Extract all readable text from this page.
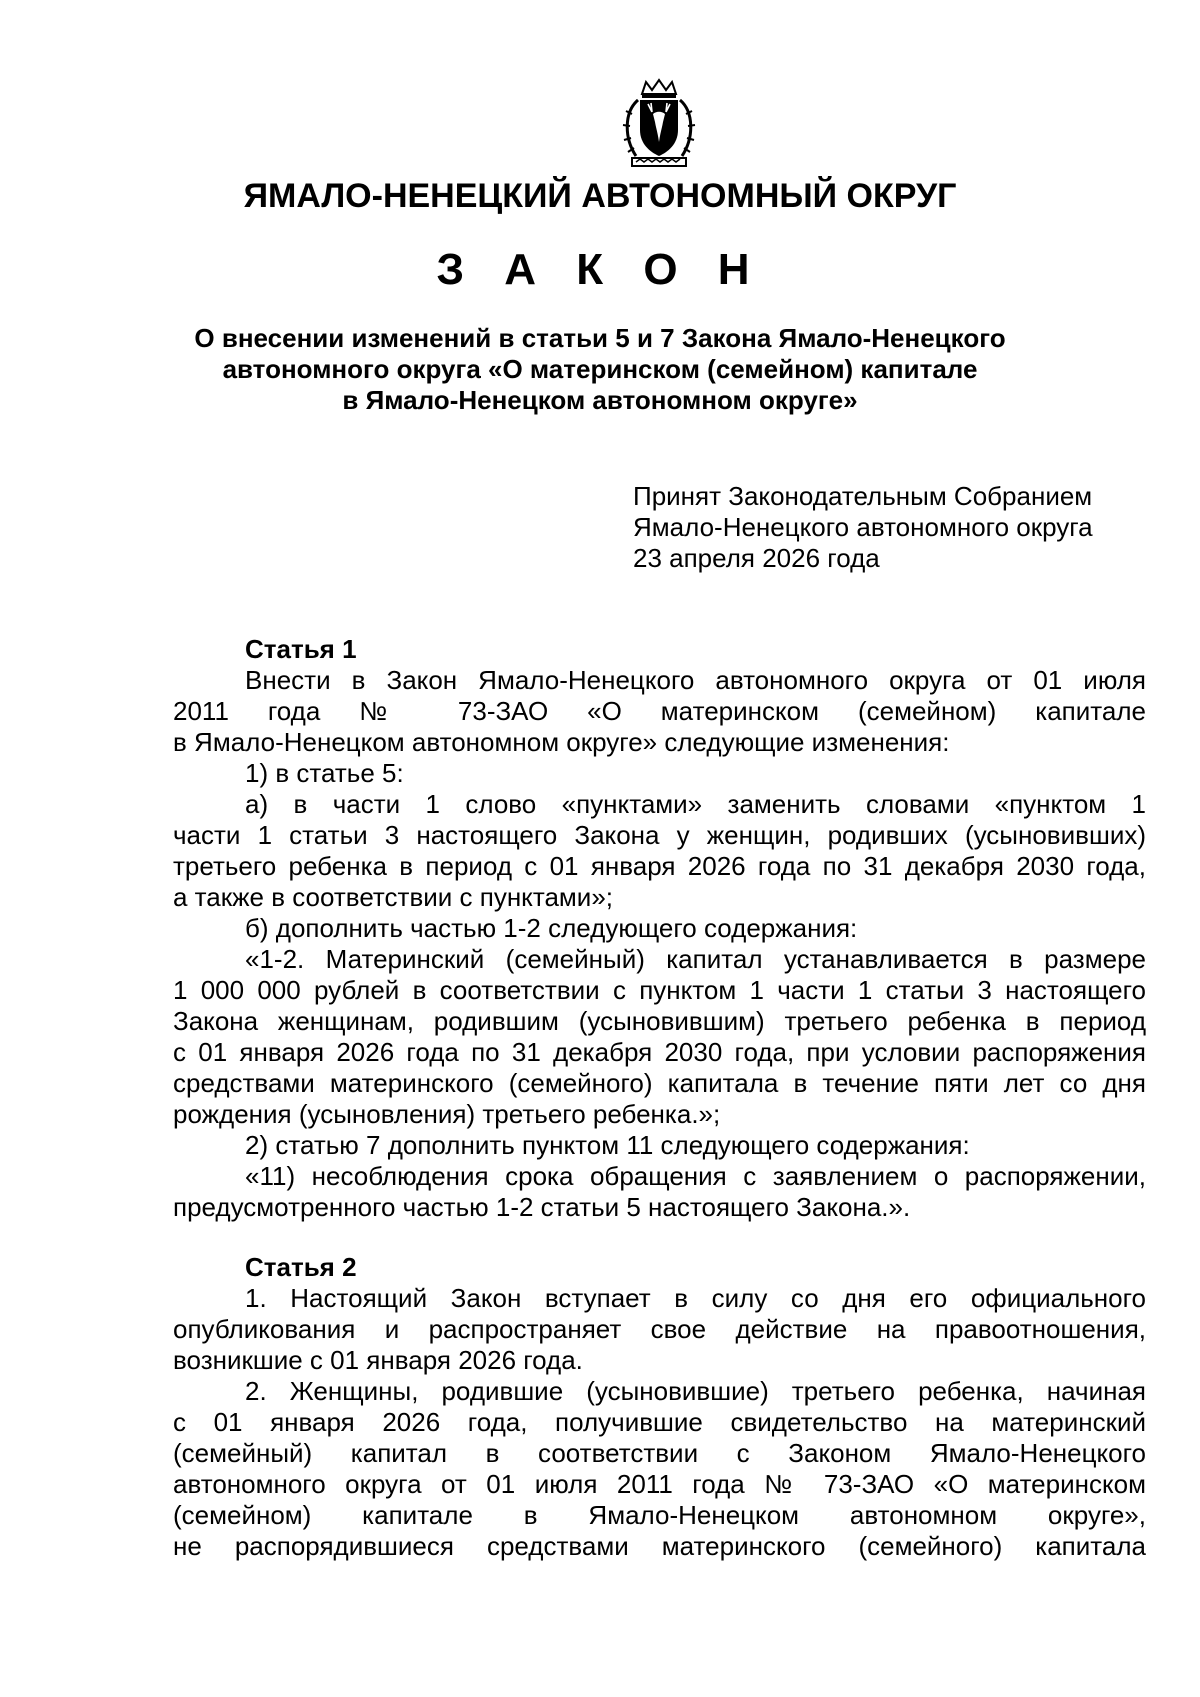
ЯМАЛО-НЕНЕЦКИЙ АВТОНОМНЫЙ ОКРУГ
З А К О Н
О внесении изменений в статьи 5 и 7 Закона Ямало-Ненецкого
автономного округа «О материнском (семейном) капитале
в Ямало-Ненецком автономном округе»
Принят Законодательным Собранием
Ямало-Ненецкого автономного округа
23 апреля 2026 года

Статья 1

Внести в Закон Ямало-Ненецкого автономного округа от 01 июля
2011 года № 73-ЗАО «О материнском (семейном) капитале
в Ямало-Ненецком автономном округе» следующие изменения:

1) в статье 5:

а) в части 1 слово «пунктами» заменить словами «пунктом 1
части 1 статьи 3 настоящего Закона у женщин, родивших (усыновивших)
третьего ребенка в период с 01 января 2026 года по 31 декабря 2030 года,
а также в соответствии с пунктами»;

б) дополнить частью 1-2 следующего содержания:

«1-2. Материнский (семейный) капитал устанавливается в размере
1 000 000 рублей в соответствии с пунктом 1 части 1 статьи 3 настоящего
Закона женщинам, родившим (усыновившим) третьего ребенка в период
с 01 января 2026 года по 31 декабря 2030 года, при условии распоряжения
средствами материнского (семейного) капитала в течение пяти лет со дня
рождения (усыновления) третьего ребенка.»;

2) статью 7 дополнить пунктом 11 следующего содержания:

«11) несоблюдения срока обращения с заявлением о распоряжении,
предусмотренного частью 1-2 статьи 5 настоящего Закона.».

Статья 2

1. Настоящий Закон вступает в силу со дня его официального
опубликования и распространяет свое действие на правоотношения,
возникшие с 01 января 2026 года.

2. Женщины, родившие (усыновившие) третьего ребенка, начиная
с 01 января 2026 года, получившие свидетельство на материнский
(семейный) капитал в соответствии с Законом Ямало-Ненецкого
автономного округа от 01 июля 2011 года № 73-ЗАО «О материнском
(семейном) капитале в Ямало-Ненецком автономном округе»,
не распорядившиеся средствами материнского (семейного) капитала
